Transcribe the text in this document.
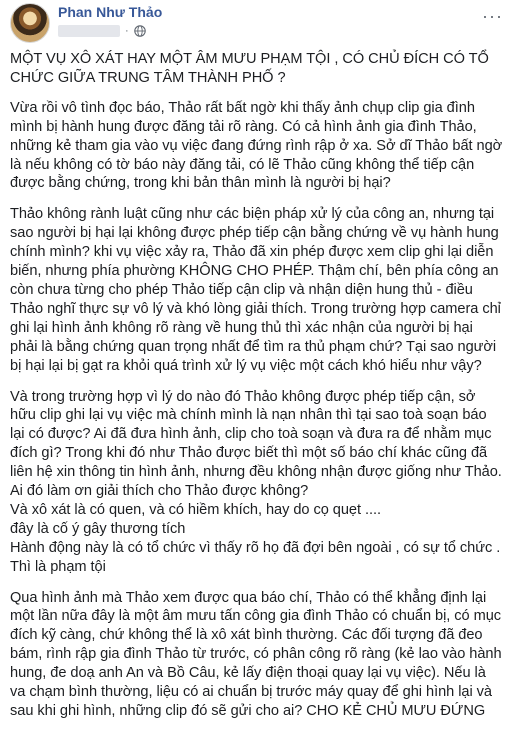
Phan Như Thảo
·
···

MỘT VỤ XÔ XÁT HAY MỘT ÂM MƯU PHẠM TỘI , CÓ CHỦ ĐÍCH CÓ TỔ
CHỨC GIỮA TRUNG TÂM THÀNH PHỐ ?

Vừa rồi vô tình đọc báo, Thảo rất bất ngờ khi thấy ảnh chụp clip gia đình
mình bị hành hung được đăng tải rõ ràng. Có cả hình ảnh gia đình Thảo,
những kẻ tham gia vào vụ việc đang đứng rình rập ở xa. Sở dĩ Thảo bất ngờ
là nếu không có tờ báo này đăng tải, có lẽ Thảo cũng không thể tiếp cận
được bằng chứng, trong khi bản thân mình là người bị hại?

Thảo không rành luật cũng như các biện pháp xử lý của công an, nhưng tại
sao người bị hại lại không được phép tiếp cận bằng chứng về vụ hành hung
chính mình? khi vụ việc xảy ra, Thảo đã xin phép được xem clip ghi lại diễn
biến, nhưng phía phường KHÔNG CHO PHÉP. Thậm chí, bên phía công an
còn chưa từng cho phép Thảo tiếp cận clip và nhận diện hung thủ - điều
Thảo nghĩ thực sự vô lý và khó lòng giải thích. Trong trường hợp camera chỉ
ghi lại hình ảnh không rõ ràng về hung thủ thì xác nhận của người bị hại
phải là bằng chứng quan trọng nhất để tìm ra thủ phạm chứ? Tại sao người
bị hại lại bị gạt ra khỏi quá trình xử lý vụ việc một cách khó hiểu như vậy?

Và trong trường hợp vì lý do nào đó Thảo không được phép tiếp cận, sở
hữu clip ghi lại vụ việc mà chính mình là nạn nhân thì tại sao toà soạn báo
lại có được? Ai đã đưa hình ảnh, clip cho toà soạn và đưa ra để nhằm mục
đích gì? Trong khi đó như Thảo được biết thì một số báo chí khác cũng đã
liên hệ xin thông tin hình ảnh, nhưng đều không nhận được giống như Thảo.
Ai đó làm ơn giải thích cho Thảo được không?
Và xô xát là có quen, và có hiềm khích, hay do cọ quẹt ....
đây là cố ý gây thương tích
Hành động này là có tổ chức vì thấy rõ họ đã đợi bên ngoài , có sự tổ chức .
Thì là phạm tội

Qua hình ảnh mà Thảo xem được qua báo chí, Thảo có thể khẳng định lại
một lần nữa đây là một âm mưu tấn công gia đình Thảo có chuẩn bị, có mục
đích kỹ càng, chứ không thể là xô xát bình thường. Các đối tượng đã đeo
bám, rình rập gia đình Thảo từ trước, có phân công rõ ràng (kẻ lao vào hành
hung, đe doạ anh An và Bồ Câu, kẻ lấy điện thoại quay lại vụ việc). Nếu là
va chạm bình thường, liệu có ai chuẩn bị trước máy quay để ghi hình lại và
sau khi ghi hình, những clip đó sẽ gửi cho ai? CHO KẺ CHỦ MƯU ĐỨNG
